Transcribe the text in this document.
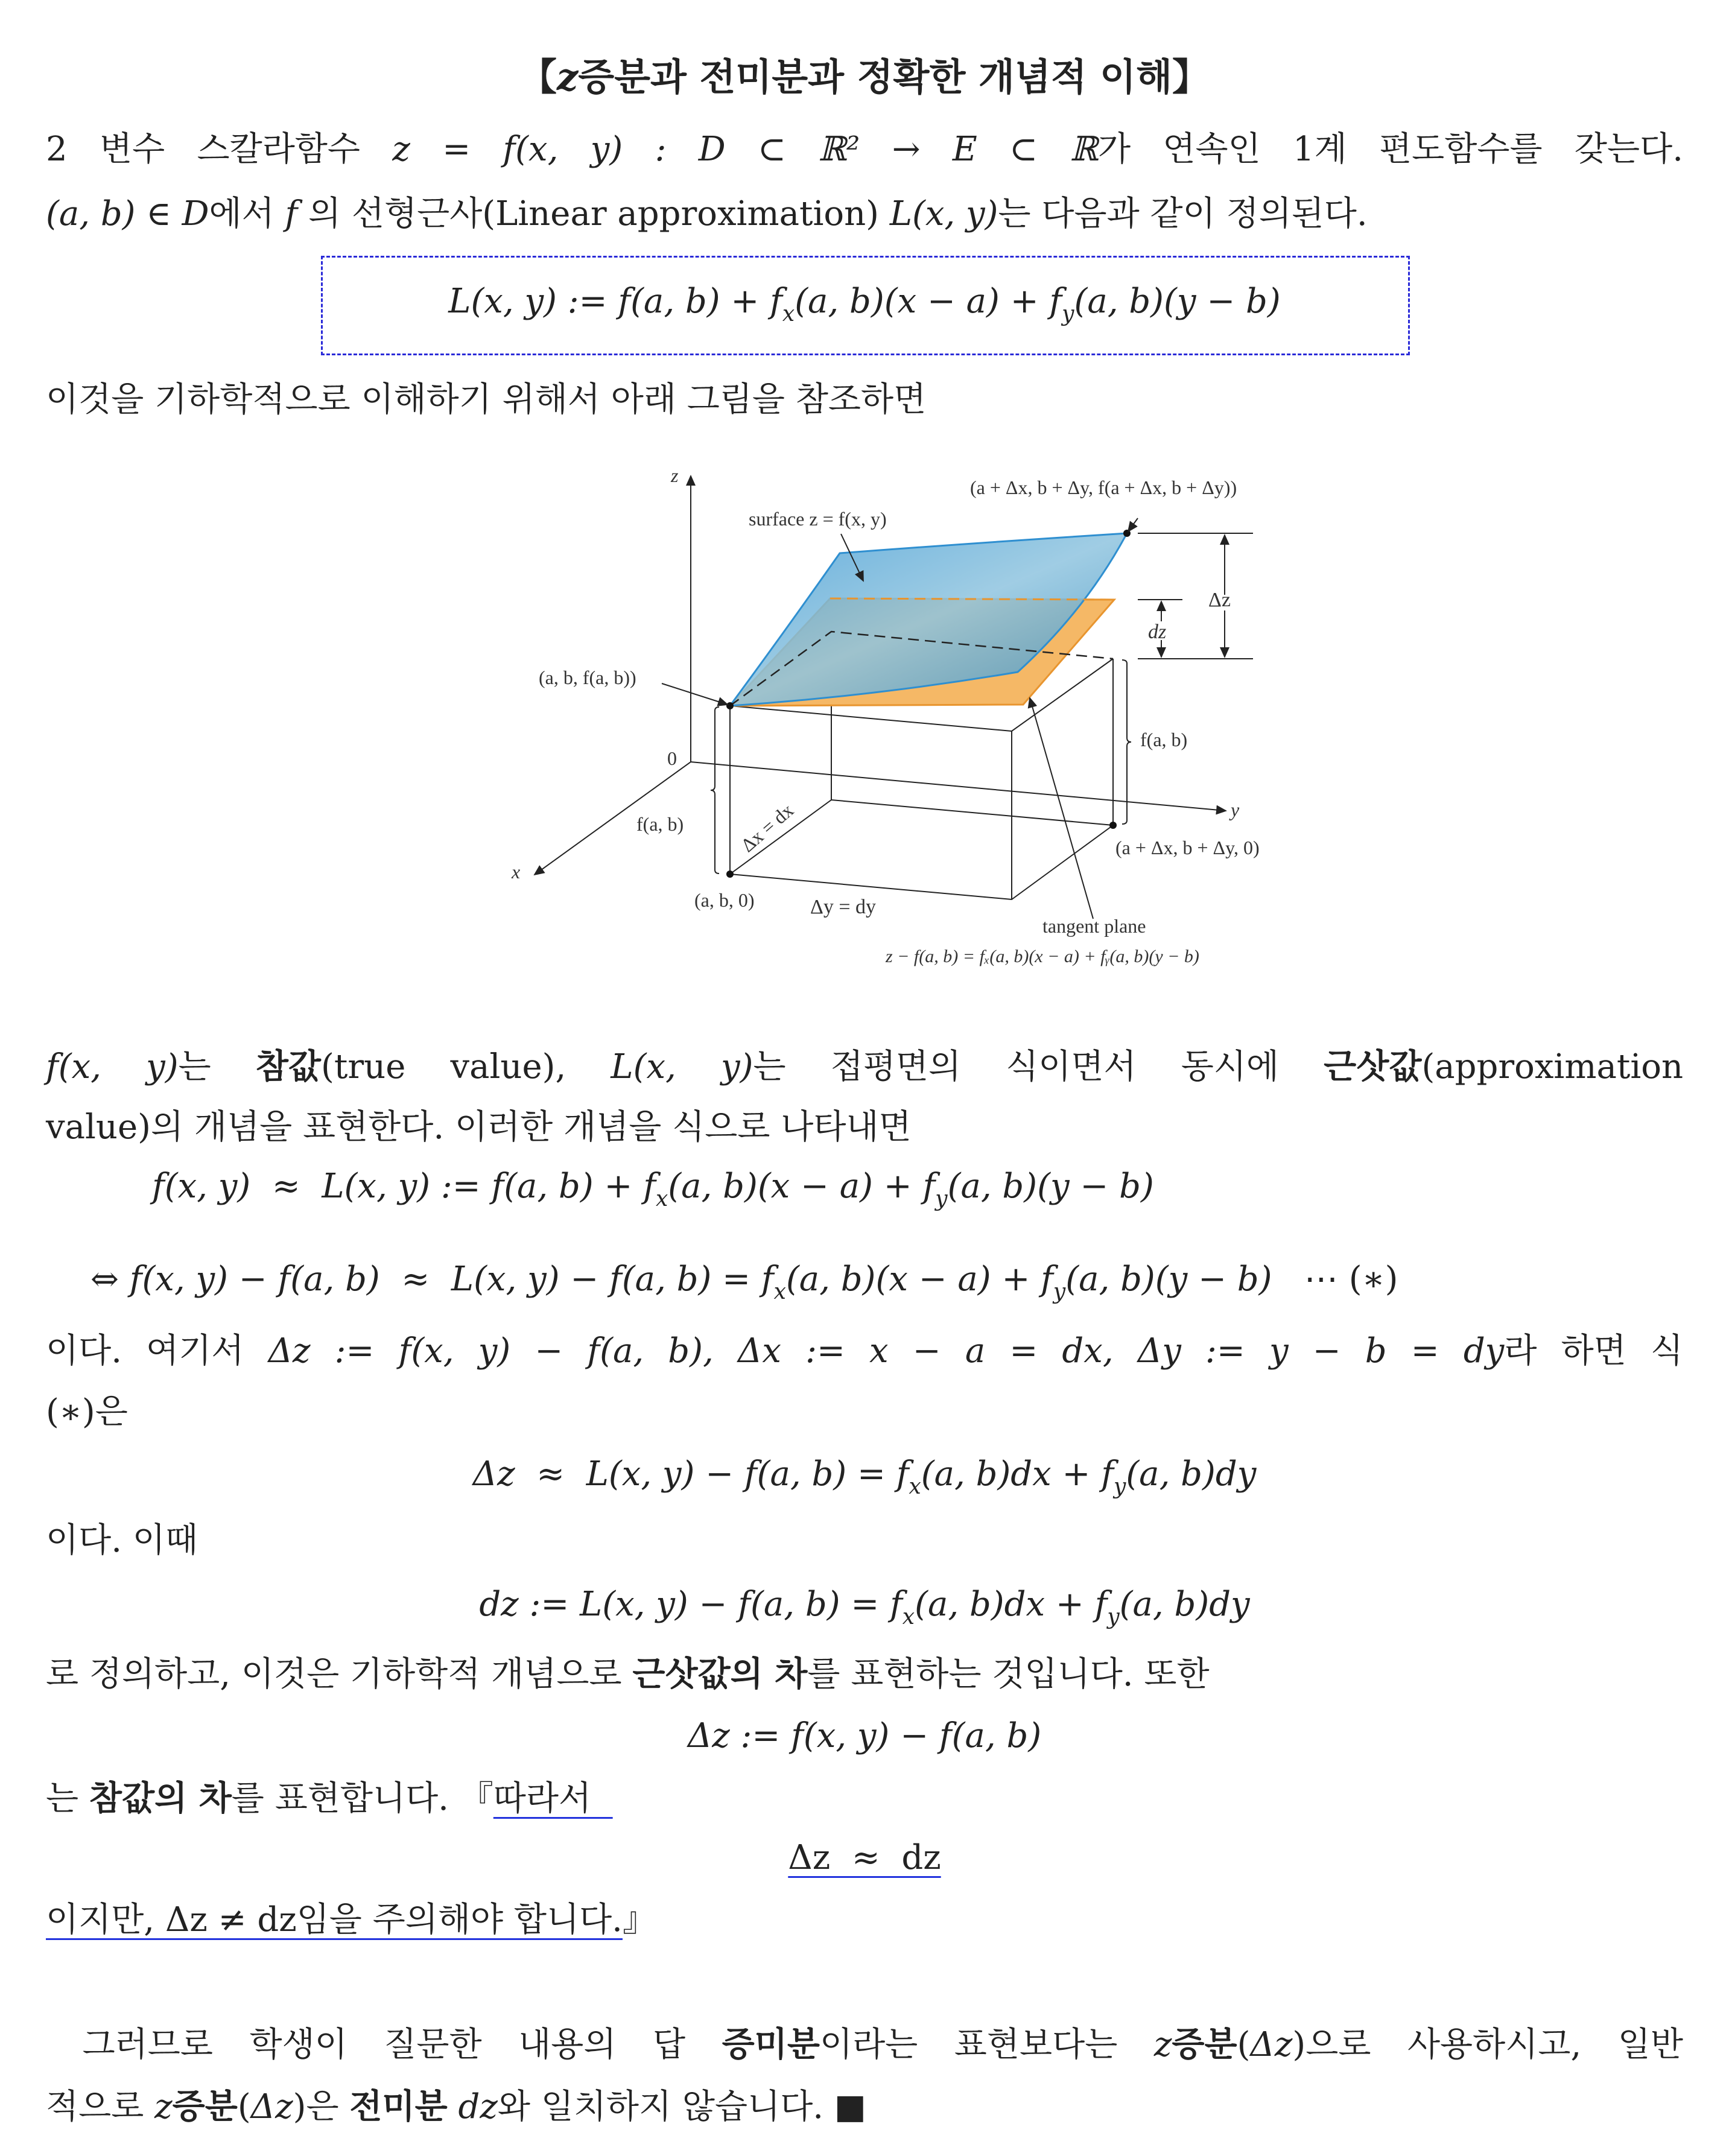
【z증분과 전미분과 정확한 개념적 이해】
2 변수 스칼라함수 z = f(x, y) : D ⊂ ℝ² → E ⊂ ℝ가 연속인 1계 편도함수를 갖는다.
(a, b) ∈ D에서 f 의 선형근사(Linear approximation) L(x, y)는 다음과 같이 정의된다.
L(x, y) := f(a, $b) + f_x(a$, $b)(x - a) + f_y(a$, b)(y − b)
이것을 기하학적으로 이해하기 위해서 아래 그림을 참조하면
z
(a + Δx, b + Δy, f(a + Δx, b + Δy))
surface z = f(x, y)
Δz
dz
(a, b, f(a, b))
0
f(a, b)
y
f(a, b)	Δx = dx	(a + Δx, b + Δy, 0)
x
(a, b, 0)	Δy = dy
tangent plane
z − f(a, b) = fₓ(a, b)(x − a) + fᵧ(a, b)(y − b)
f(x, y)는 참값(true value), L(x, y)는 접평면의 식이면서 동시에 근삿값(approximation
value)의 개념을 표현한다. 이러한 개념을 식으로 나타내면
f(x, y)  ≈  L(x, y) := f(a, $b) + f_x(a$, $b)(x - a) + f_y(a$, b)(y − b)
⇔ f(x, y) − f(a, b)  ≈  L(x, y) − f(a, $b) = f_x(a$, $b)(x - a) + f_y(a$, b)(y − b)   ⋯ (∗)
이다. 여기서 Δz := f(x, y) − f(a, b), Δx := x − a = dx, Δy := y − b = dy라 하면 식
(∗)은
Δz  ≈  L(x, y) − f(a, $b) = f_x(a$, $b)dx + f_y(a$, b)dy
이다. 이때
dz := L(x, y) − f(a, $b) = f_x(a$, $b)dx + f_y(a$, b)dy
로 정의하고, 이것은 기하학적 개념으로 근삿값의 차를 표현하는 것입니다. 또한
Δz := f(x, y) − f(a, b)
는 참값의 차를 표현합니다. 『따라서
Δz  ≈  dz
이지만, Δz ≠ dz임을 주의해야 합니다.』
그러므로 학생이 질문한 내용의 답 증미분이라는 표현보다는 z증분(Δz)으로 사용하시고, 일반
적으로 z증분(Δz)은 전미분 dz와 일치하지 않습니다. ■
